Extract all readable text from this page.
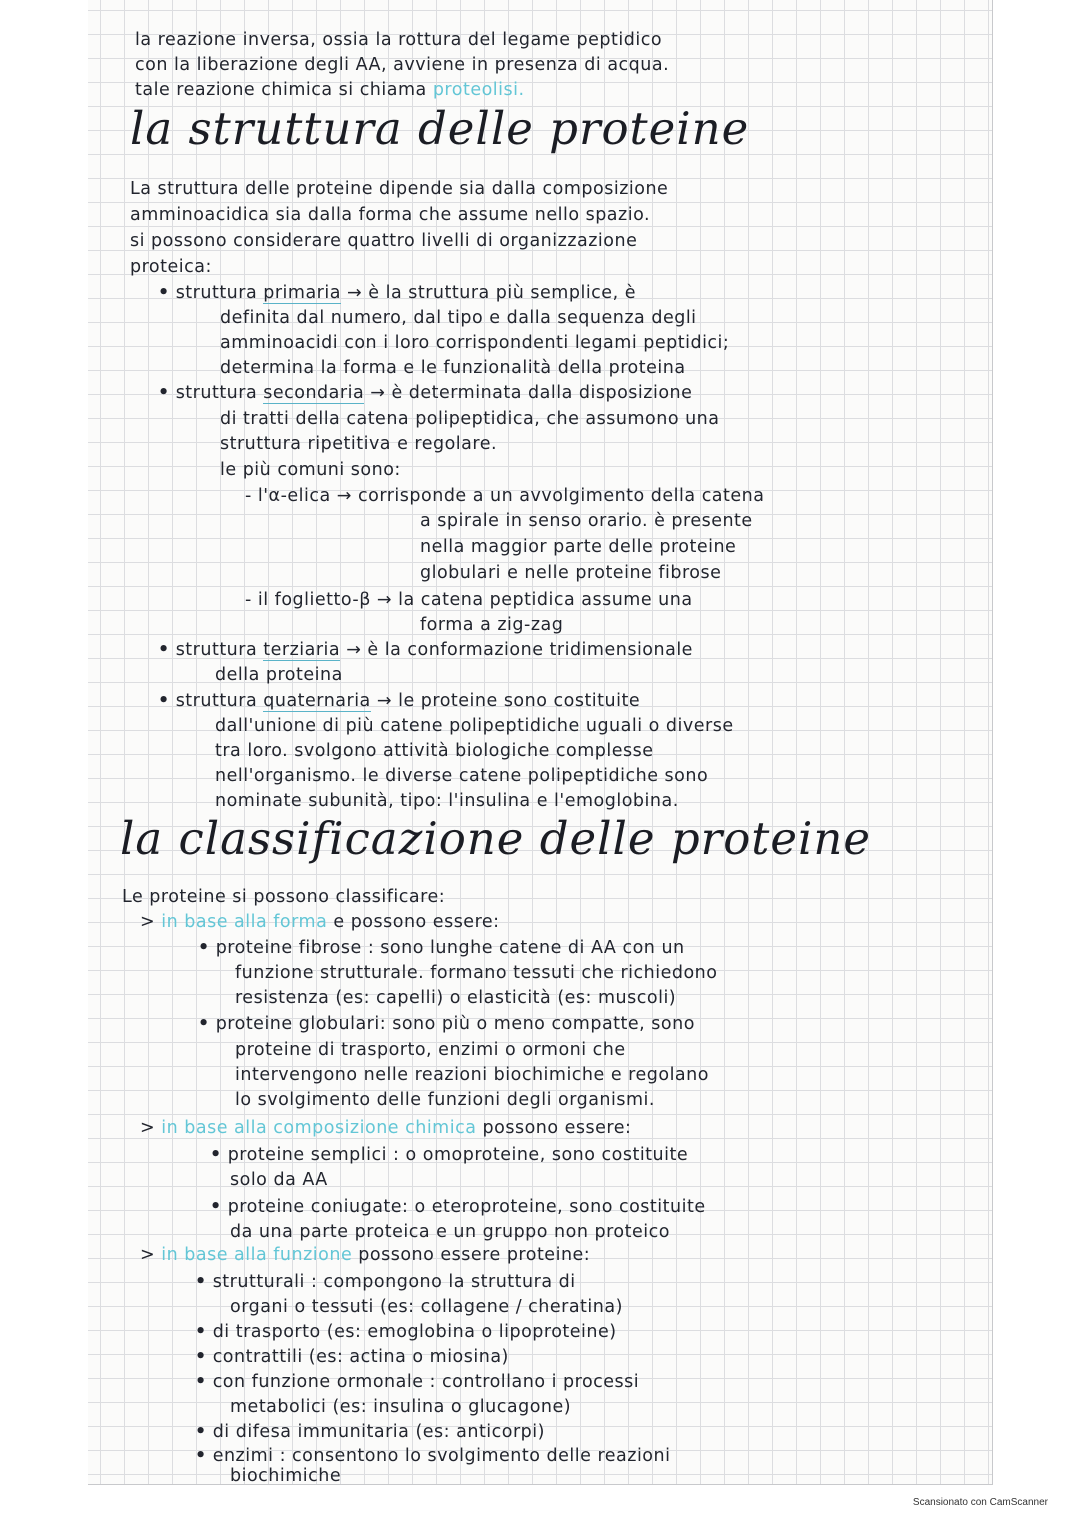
la reazione inversa, ossia la rottura del legame peptidico
con la liberazione degli AA, avviene in presenza di acqua.
tale reazione chimica si chiama proteolisi.
la struttura delle proteine
La struttura delle proteine dipende sia dalla composizione
amminoacidica sia dalla forma che assume nello spazio.
si possono considerare quattro livelli di organizzazione
proteica:
• struttura primaria → è la struttura più semplice, è
definita dal numero, dal tipo e dalla sequenza degli
amminoacidi con i loro corrispondenti legami peptidici;
determina la forma e le funzionalità della proteina
• struttura secondaria → è determinata dalla disposizione
di tratti della catena polipeptidica, che assumono una
struttura ripetitiva e regolare.
le più comuni sono:
- l'α-elica → corrisponde a un avvolgimento della catena
a spirale in senso orario. è presente
nella maggior parte delle proteine
globulari e nelle proteine fibrose
- il foglietto-β → la catena peptidica assume una
forma a zig-zag
• struttura terziaria → è la conformazione tridimensionale
della proteina
• struttura quaternaria → le proteine sono costituite
dall'unione di più catene polipeptidiche uguali o diverse
tra loro. svolgono attività biologiche complesse
nell'organismo. le diverse catene polipeptidiche sono
nominate subunità, tipo: l'insulina e l'emoglobina.
la classificazione delle proteine
Le proteine si possono classificare:
> in base alla forma e possono essere:
• proteine fibrose : sono lunghe catene di AA con un
funzione strutturale. formano tessuti che richiedono
resistenza (es: capelli) o elasticità (es: muscoli)
• proteine globulari: sono più o meno compatte, sono
proteine di trasporto, enzimi o ormoni che
intervengono nelle reazioni biochimiche e regolano
lo svolgimento delle funzioni degli organismi.
> in base alla composizione chimica possono essere:
• proteine semplici : o omoproteine, sono costituite
solo da AA
• proteine coniugate: o eteroproteine, sono costituite
da una parte proteica e un gruppo non proteico
> in base alla funzione possono essere proteine:
• strutturali : compongono la struttura di
organi o tessuti (es: collagene / cheratina)
• di trasporto (es: emoglobina o lipoproteine)
• contrattili (es: actina o miosina)
• con funzione ormonale : controllano i processi
metabolici (es: insulina o glucagone)
• di difesa immunitaria (es: anticorpi)
• enzimi : consentono lo svolgimento delle reazioni
biochimiche
Scansionato con CamScanner
